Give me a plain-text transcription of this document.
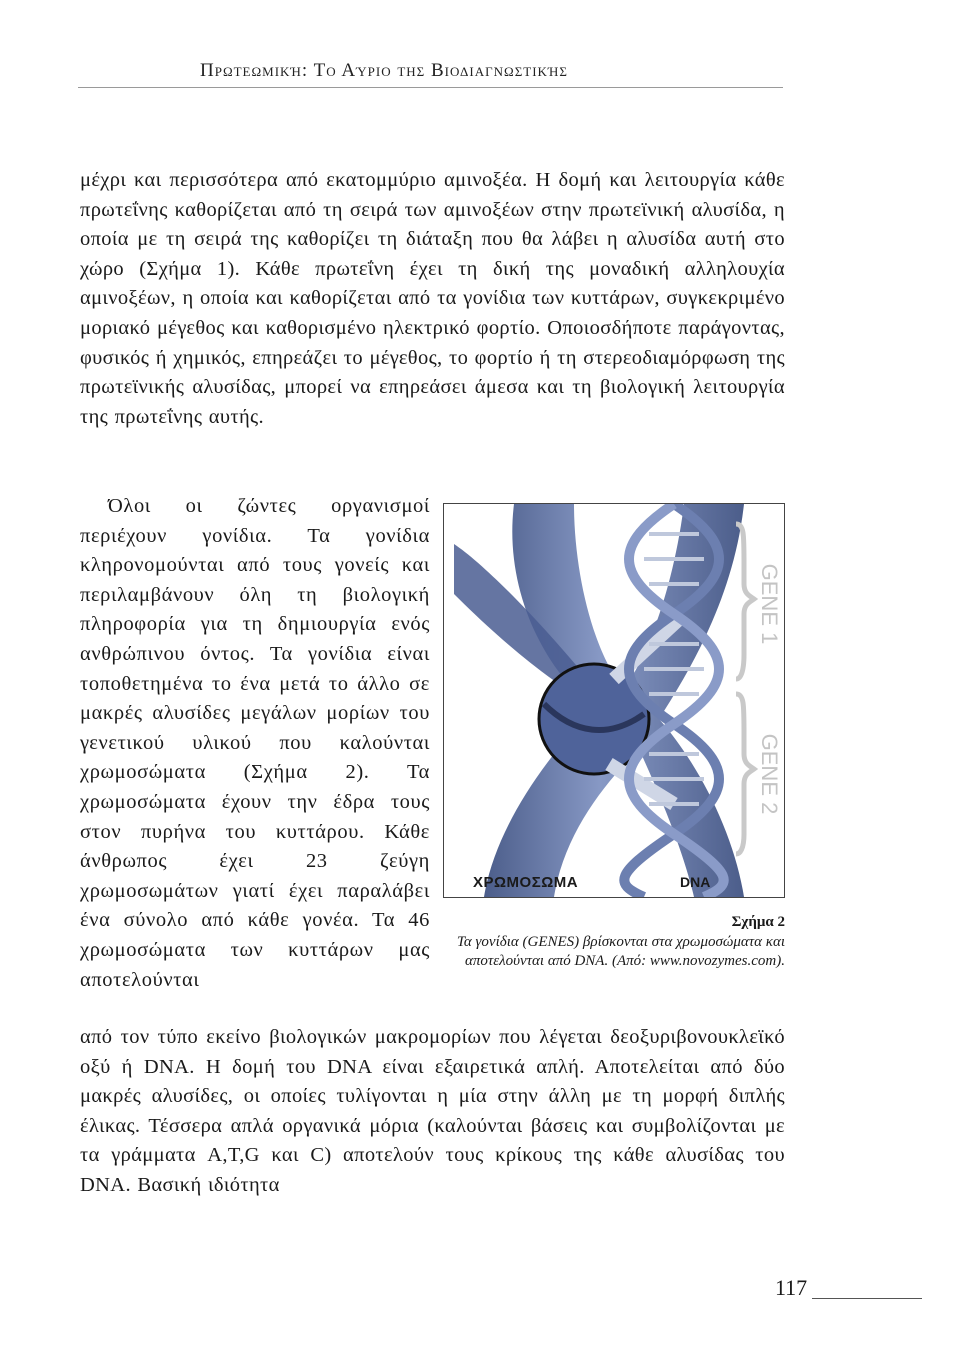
Πρωτεωμική: Το Αύριο της Βιοδιαγνωστικής
μέχρι και περισσότερα από εκατομμύριο αμινοξέα. Η δομή και λειτουργία κάθε πρωτεΐνης καθορίζεται από τη σειρά των αμινοξέων στην πρωτεϊνική αλυσίδα, η οποία με τη σειρά της καθορίζει τη διάταξη που θα λάβει η αλυσίδα αυτή στο χώρο (Σχήμα 1). Κάθε πρωτεΐνη έχει τη δική της μοναδική αλληλουχία αμινοξέων, η οποία και καθορίζεται από τα γονίδια των κυττάρων, συγκεκριμένο μοριακό μέγεθος και καθορισμένο ηλεκτρικό φορτίο. Οποιοσδήποτε παράγοντας, φυσικός ή χημικός, επηρεάζει το μέγεθος, το φορτίο ή τη στερεοδιαμόρφωση της πρωτεϊνικής αλυσίδας, μπορεί να επηρεάσει άμεσα και τη βιολογική λειτουργία της πρωτεΐνης αυτής.
Όλοι οι ζώντες οργανισμοί περιέχουν γονίδια. Τα γονίδια κληρονομούνται από τους γονείς και περιλαμβάνουν όλη τη βιολογική πληροφορία για τη δημιουργία ενός ανθρώπινου όντος. Τα γονίδια είναι τοποθετημένα το ένα μετά το άλλο σε μακρές αλυσίδες μεγάλων μορίων του γενετικού υλικού που καλούνται χρωμοσώματα (Σχήμα 2). Τα χρωμοσώματα έχουν την έδρα τους στον πυρήνα του κυττάρου. Κάθε άνθρωπος έχει 23 ζεύγη χρωμοσωμάτων γιατί έχει παραλάβει ένα σύνολο από κάθε γονέα. Τα 46 χρωμοσώματα των κυττάρων μας αποτελούνται
GENE 1
GENE 2
ΧΡΩΜΟΣΩΜΑ	DNA
Σχήμα 2
Τα γονίδια (GENES) βρίσκονται στα χρωμοσώματα και αποτελούνται από DNA. (Από: www.novozymes.com).
από τον τύπο εκείνο βιολογικών μακρομορίων που λέγεται δεοξυριβονουκλεϊκό οξύ ή DNA. Η δομή του DNA είναι εξαιρετικά απλή. Αποτελείται από δύο μακρές αλυσίδες, οι οποίες τυλίγονται η μία στην άλλη με τη μορφή διπλής έλικας. Τέσσερα απλά οργανικά μόρια (καλούνται βάσεις και συμβολίζονται με τα γράμματα A,T,G και C) αποτελούν τους κρίκους της κάθε αλυσίδας του DNA. Βασική ιδιότητα
117
